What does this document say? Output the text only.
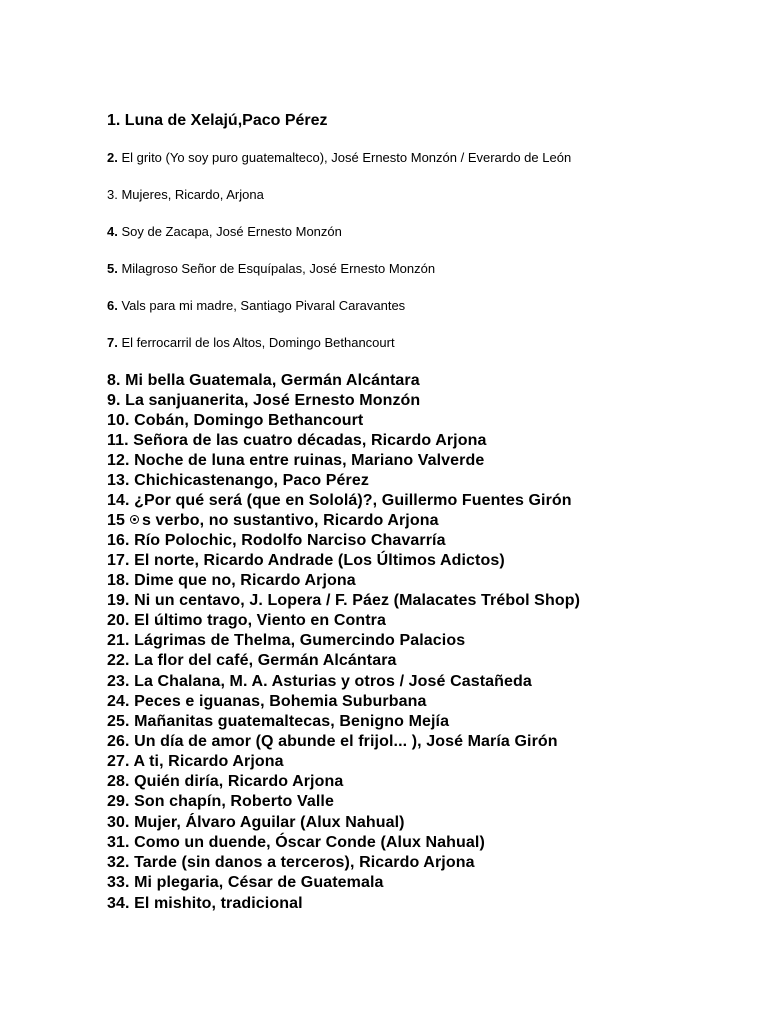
1. Luna de Xelajú,Paco Pérez
2. El grito (Yo soy puro guatemalteco), José Ernesto Monzón / Everardo de León
3. Mujeres, Ricardo, Arjona
4. Soy de Zacapa, José Ernesto Monzón
5. Milagroso Señor de Esquípalas, José Ernesto Monzón
6. Vals para mi madre, Santiago Pivaral Caravantes
7. El ferrocarril de los Altos, Domingo Bethancourt
8. Mi bella Guatemala, Germán Alcántara
9. La sanjuanerita, José Ernesto Monzón
10. Cobán, Domingo Bethancourt
11. Señora de las cuatro décadas, Ricardo Arjona
12. Noche de luna entre ruinas, Mariano Valverde
13. Chichicastenango, Paco Pérez
14. ¿Por qué será (que en Sololá)?, Guillermo Fuentes Girón
15 s verbo, no sustantivo, Ricardo Arjona
16. Río Polochic, Rodolfo Narciso Chavarría
17. El norte, Ricardo Andrade (Los Últimos Adictos)
18. Dime que no, Ricardo Arjona
19. Ni un centavo, J. Lopera / F. Páez (Malacates Trébol Shop)
20. El último trago, Viento en Contra
21. Lágrimas de Thelma, Gumercindo Palacios
22. La flor del café, Germán Alcántara
23. La Chalana, M. A. Asturias y otros / José Castañeda
24. Peces e iguanas, Bohemia Suburbana
25. Mañanitas guatemaltecas, Benigno Mejía
26. Un día de amor (Q abunde el frijol... ), José María Girón
27. A ti, Ricardo Arjona
28. Quién diría, Ricardo Arjona
29. Son chapín, Roberto Valle
30. Mujer, Álvaro Aguilar (Alux Nahual)
31. Como un duende, Óscar Conde (Alux Nahual)
32. Tarde (sin danos a terceros), Ricardo Arjona
33. Mi plegaria, César de Guatemala
34. El mishito, tradicional
